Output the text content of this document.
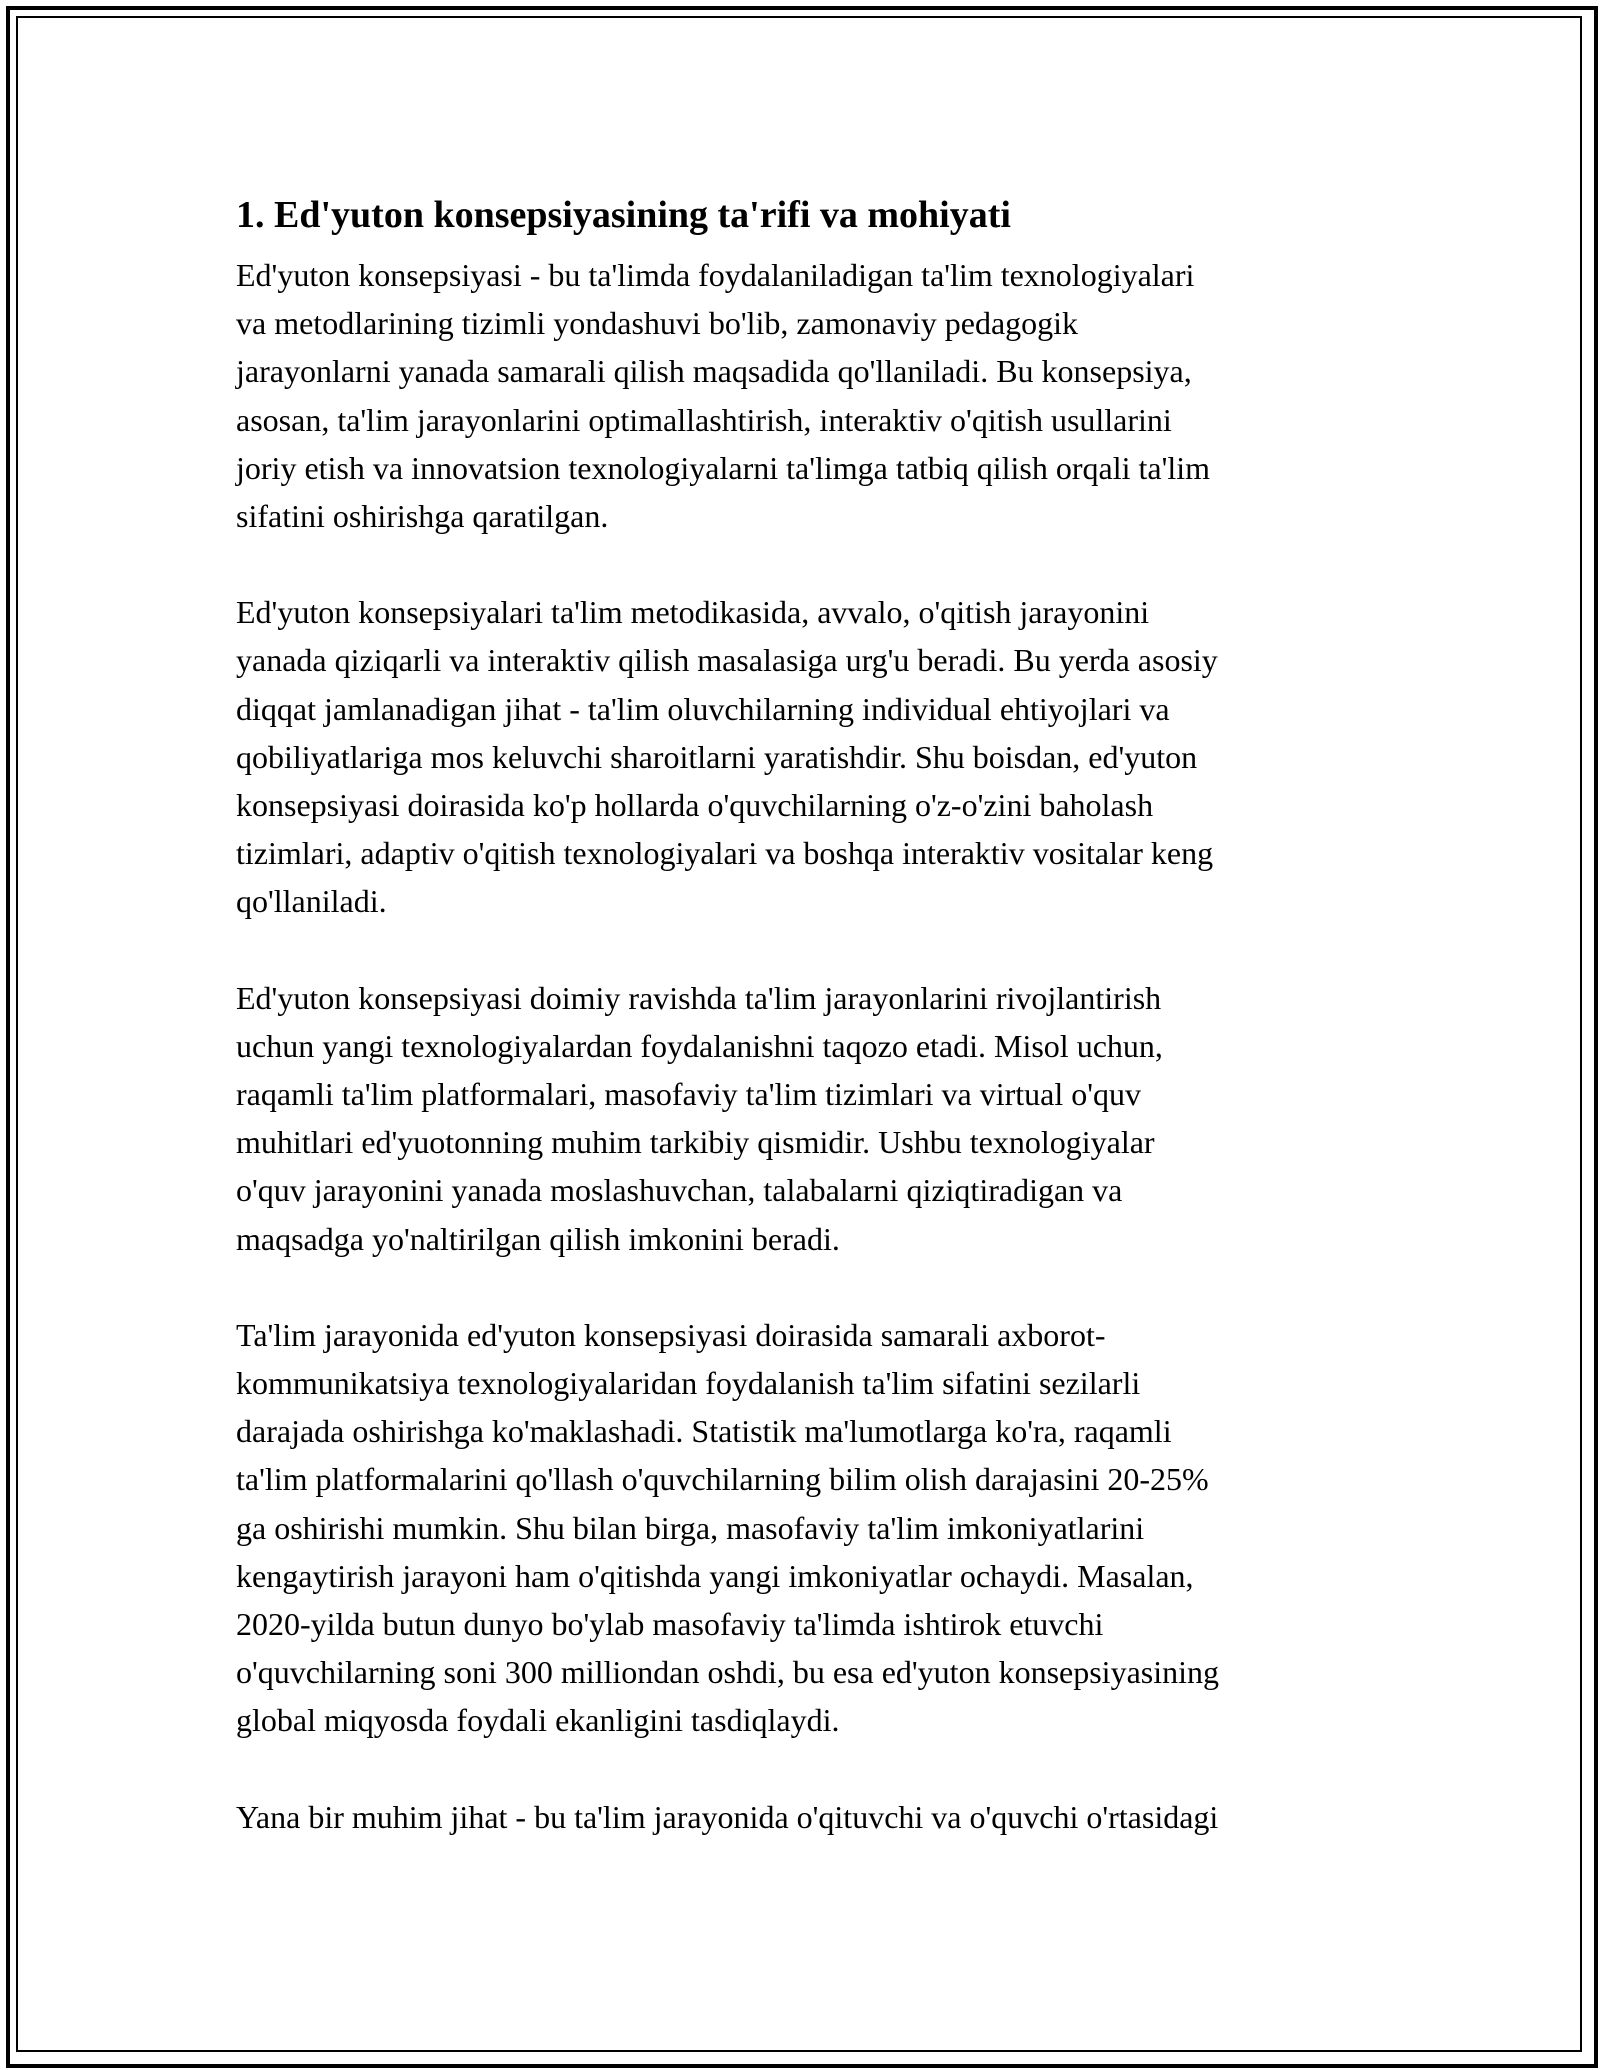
1. Ed'yuton konsepsiyasining ta'rifi va mohiyati

Ed'yuton konsepsiyasi - bu ta'limda foydalaniladigan ta'lim texnologiyalari
va metodlarining tizimli yondashuvi bo'lib, zamonaviy pedagogik
jarayonlarni yanada samarali qilish maqsadida qo'llaniladi. Bu konsepsiya,
asosan, ta'lim jarayonlarini optimallashtirish, interaktiv o'qitish usullarini
joriy etish va innovatsion texnologiyalarni ta'limga tatbiq qilish orqali ta'lim
sifatini oshirishga qaratilgan.

Ed'yuton konsepsiyalari ta'lim metodikasida, avvalo, o'qitish jarayonini
yanada qiziqarli va interaktiv qilish masalasiga urg'u beradi. Bu yerda asosiy
diqqat jamlanadigan jihat - ta'lim oluvchilarning individual ehtiyojlari va
qobiliyatlariga mos keluvchi sharoitlarni yaratishdir. Shu boisdan, ed'yuton
konsepsiyasi doirasida ko'p hollarda o'quvchilarning o'z-o'zini baholash
tizimlari, adaptiv o'qitish texnologiyalari va boshqa interaktiv vositalar keng
qo'llaniladi.

Ed'yuton konsepsiyasi doimiy ravishda ta'lim jarayonlarini rivojlantirish
uchun yangi texnologiyalardan foydalanishni taqozo etadi. Misol uchun,
raqamli ta'lim platformalari, masofaviy ta'lim tizimlari va virtual o'quv
muhitlari ed'yuotonning muhim tarkibiy qismidir. Ushbu texnologiyalar
o'quv jarayonini yanada moslashuvchan, talabalarni qiziqtiradigan va
maqsadga yo'naltirilgan qilish imkonini beradi.

Ta'lim jarayonida ed'yuton konsepsiyasi doirasida samarali axborot-
kommunikatsiya texnologiyalaridan foydalanish ta'lim sifatini sezilarli
darajada oshirishga ko'maklashadi. Statistik ma'lumotlarga ko'ra, raqamli
ta'lim platformalarini qo'llash o'quvchilarning bilim olish darajasini 20-25%
ga oshirishi mumkin. Shu bilan birga, masofaviy ta'lim imkoniyatlarini
kengaytirish jarayoni ham o'qitishda yangi imkoniyatlar ochaydi. Masalan,
2020-yilda butun dunyo bo'ylab masofaviy ta'limda ishtirok etuvchi
o'quvchilarning soni 300 milliondan oshdi, bu esa ed'yuton konsepsiyasining
global miqyosda foydali ekanligini tasdiqlaydi.

Yana bir muhim jihat - bu ta'lim jarayonida o'qituvchi va o'quvchi o'rtasidagi
